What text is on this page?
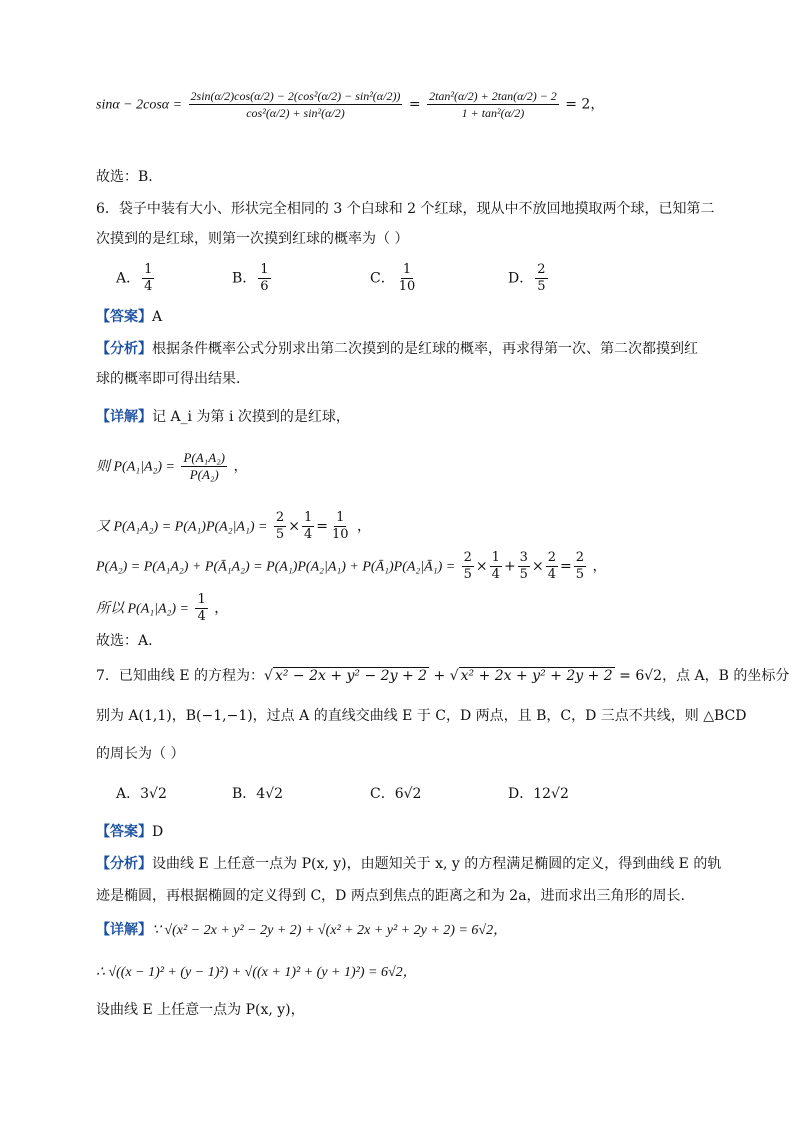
$\sin\alpha - 2\cos\alpha = \frac{\text{2sin(α/2)cos(α/2) − 2(cos²(α/2) − sin²(α/2))}}{\text{cos²(α/2) + sin²(α/2)}} = \frac{\text{2tan²(α/2) + 2tan(α/2) − 2}}{\text{1 + tan²(α/2)}} = 2$，
故选：B.
6．袋子中装有大小、形状完全相同的 3 个白球和 2 个红球，现从中不放回地摸取两个球，已知第二
次摸到的是红球，则第一次摸到红球的概率为（ ）
A． $\frac{1}{4}$	B． $\frac{1}{6}$	C． $\frac{1}{10}$	D． $\frac{2}{5}$
【答案】A
【分析】根据条件概率公式分别求出第二次摸到的是红球的概率，再求得第一次、第二次都摸到红
球的概率即可得出结果.
【详解】记 A_i 为第 i 次摸到的是红球，
则 $P(A_1|A_2) = \frac{\text{P(A₁A₂)}}{\text{P(A₂)}}$ ，
又 $P(A_1A_2) = P(A_1)P(A_2|A_1) = \frac{2}{5} \times \frac{1}{4} = \frac{1}{10}$ ，
P(A₂) = P(A₁A₂) + P(Ā₁A₂) = P(A₁)P(A₂|A₁) + P(Ā₁)P(A₂|Ā₁) = $\frac{2}{5} \times \frac{1}{4} + \frac{3}{5} \times \frac{2}{4} = \frac{2}{5}$ ，
所以 $P(A_1|A_2) = \frac{1}{4}$ ，
故选：A.
7．已知曲线 E 的方程为：√ x² − 2x + y² − 2y + 2 + √ x² + 2x + y² + 2y + 2 = 6√2，点 A，B 的坐标分
别为 A(1,1)，B(−1,−1)，过点 A 的直线交曲线 E 于 C，D 两点，且 B，C，D 三点不共线，则 △BCD
的周长为（ ）
A．3√2	B．4√2	C．6√2	D．12√2
【答案】D
【分析】设曲线 E 上任意一点为 P(x, y)，由题知关于 x, y 的方程满足椭圆的定义，得到曲线 E 的轨
迹是椭圆，再根据椭圆的定义得到 C，D 两点到焦点的距离之和为 2a，进而求出三角形的周长.
【详解】∵ √(x² − 2x + y² − 2y + 2) + √(x² + 2x + y² + 2y + 2) = 6√2，
∴ √((x − 1)² + (y − 1)²) + √((x + 1)² + (y + 1)²) = 6√2，
设曲线 E 上任意一点为 P(x, y)，
